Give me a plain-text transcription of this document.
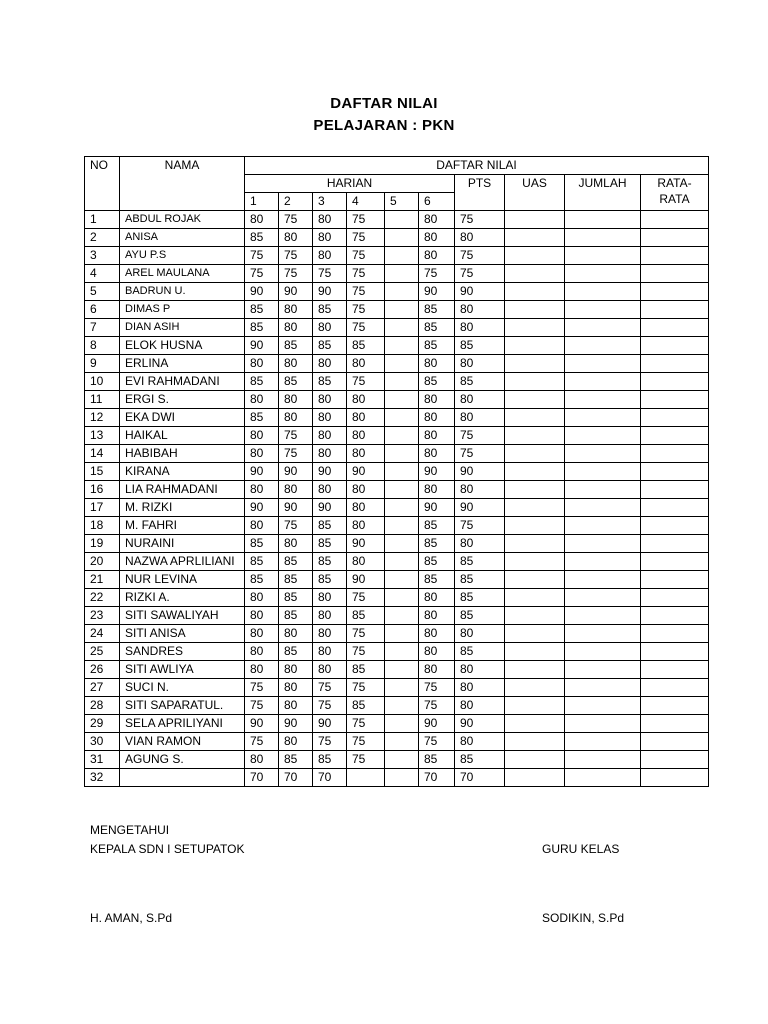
DAFTAR NILAI
PELAJARAN : PKN
NO	NAMA	DAFTAR NILAI									
		HARIAN						PTS	UAS	JUMLAH	RATA-
RATA
		1	2	3	4	5	6				
1	ABDUL ROJAK	80	75	80	75		80	75			
2	ANISA	85	80	80	75		80	80			
3	AYU P.S	75	75	80	75		80	75			
4	AREL MAULANA	75	75	75	75		75	75			
5	BADRUN U.	90	90	90	75		90	90			
6	DIMAS P	85	80	85	75		85	80			
7	DIAN ASIH	85	80	80	75		85	80			
8	ELOK HUSNA	90	85	85	85		85	85			
9	ERLINA	80	80	80	80		80	80			
10	EVI RAHMADANI	85	85	85	75		85	85			
11	ERGI S.	80	80	80	80		80	80			
12	EKA DWI	85	80	80	80		80	80			
13	HAIKAL	80	75	80	80		80	75			
14	HABIBAH	80	75	80	80		80	75			
15	KIRANA	90	90	90	90		90	90			
16	LIA RAHMADANI	80	80	80	80		80	80			
17	M. RIZKI	90	90	90	80		90	90			
18	M. FAHRI	80	75	85	80		85	75			
19	NURAINI	85	80	85	90		85	80			
20	NAZWA APRLILIANI	85	85	85	80		85	85			
21	NUR LEVINA	85	85	85	90		85	85			
22	RIZKI A.	80	85	80	75		80	85			
23	SITI SAWALIYAH	80	85	80	85		80	85			
24	SITI ANISA	80	80	80	75		80	80			
25	SANDRES	80	85	80	75		80	85			
26	SITI AWLIYA	80	80	80	85		80	80			
27	SUCI N.	75	80	75	75		75	80			
28	SITI SAPARATUL.	75	80	75	85		75	80			
29	SELA APRILIYANI	90	90	90	75		90	90			
30	VIAN RAMON	75	80	75	75		75	80			
31	AGUNG S.	80	85	85	75		85	85			
32		70	70	70			70	70			
MENGETAHUI
KEPALA SDN I SETUPATOK	GURU KELAS
H. AMAN, S.Pd	SODIKIN, S.Pd
